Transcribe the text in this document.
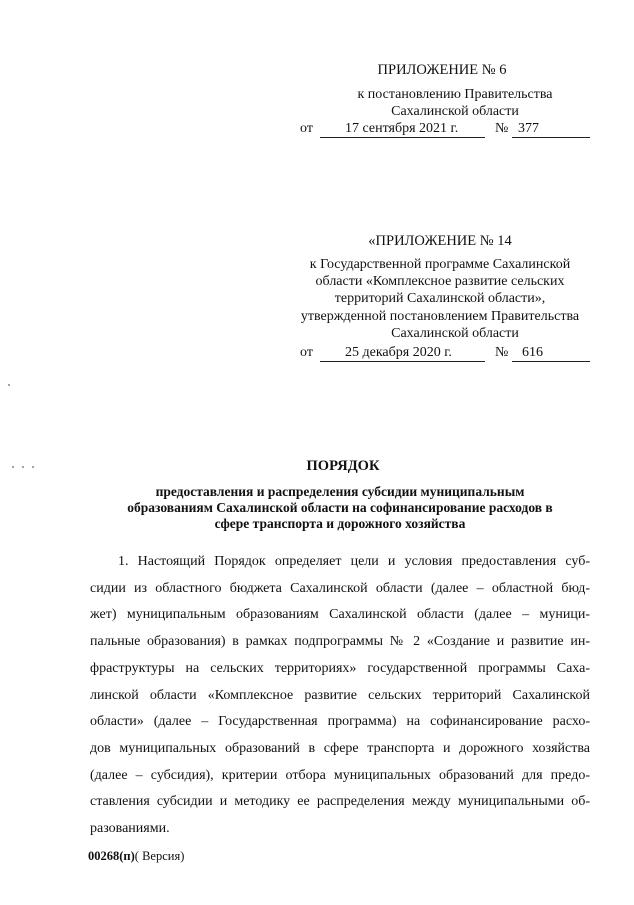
ПРИЛОЖЕНИЕ № 6
к постановлению Правительства
Сахалинской области
от 17 сентября 2021 г.	№ 377
«ПРИЛОЖЕНИЕ № 14
к Государственной программе Сахалинской
области «Комплексное развитие сельских
территорий Сахалинской области»,
утвержденной постановлением Правительства
Сахалинской области
от 25 декабря 2020 г.	№ 616
ПОРЯДОК
предоставления и распределения субсидии муниципальным
образованиям Сахалинской области на софинансирование расходов в
сфере транспорта и дорожного хозяйства
1. Настоящий Порядок определяет цели и условия предоставления суб-
сидии из областного бюджета Сахалинской области (далее – областной бюд-
жет) муниципальным образованиям Сахалинской области (далее – муници-
пальные образования) в рамках подпрограммы № 2 «Создание и развитие ин-
фраструктуры на сельских территориях» государственной программы Саха-
линской области «Комплексное развитие сельских территорий Сахалинской
области» (далее – Государственная программа) на софинансирование расхо-
дов муниципальных образований в сфере транспорта и дорожного хозяйства
(далее – субсидия), критерии отбора муниципальных образований для предо-
ставления субсидии и методику ее распределения между муниципальными об-
разованиями.
00268(п)( Версия)
